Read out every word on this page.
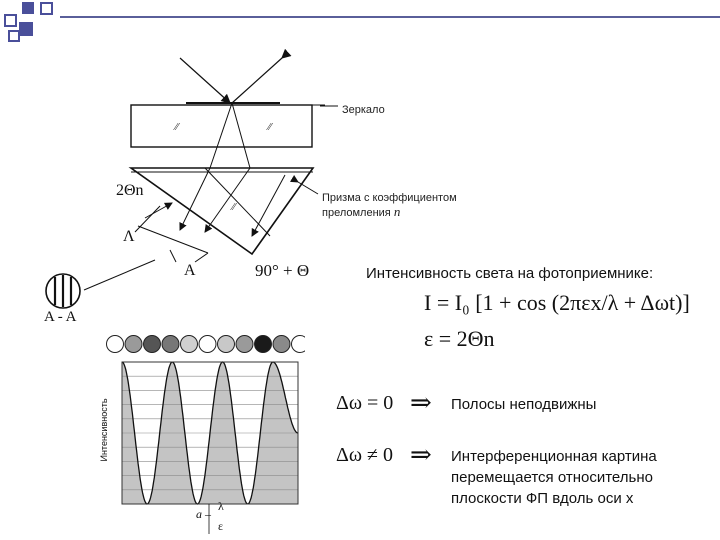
⁄⁄	⁄⁄
⁄⁄
Зеркало
Призма с коэффициентом
преломления n
2Θn
Λ
A	90° + Θ
A - A
Интенсивность света на фотоприемнике:
I = I₀ [1 + cos (2πεx/λ + Δωt)]
ε = 2Θn
Δω = 0 ⇒ Полосы неподвижны
Δω ≠ 0 ⇒ Интерференционная картина перемещается относительно плоскости ФП вдоль оси x
Интенсивность
a –
λ
ε
